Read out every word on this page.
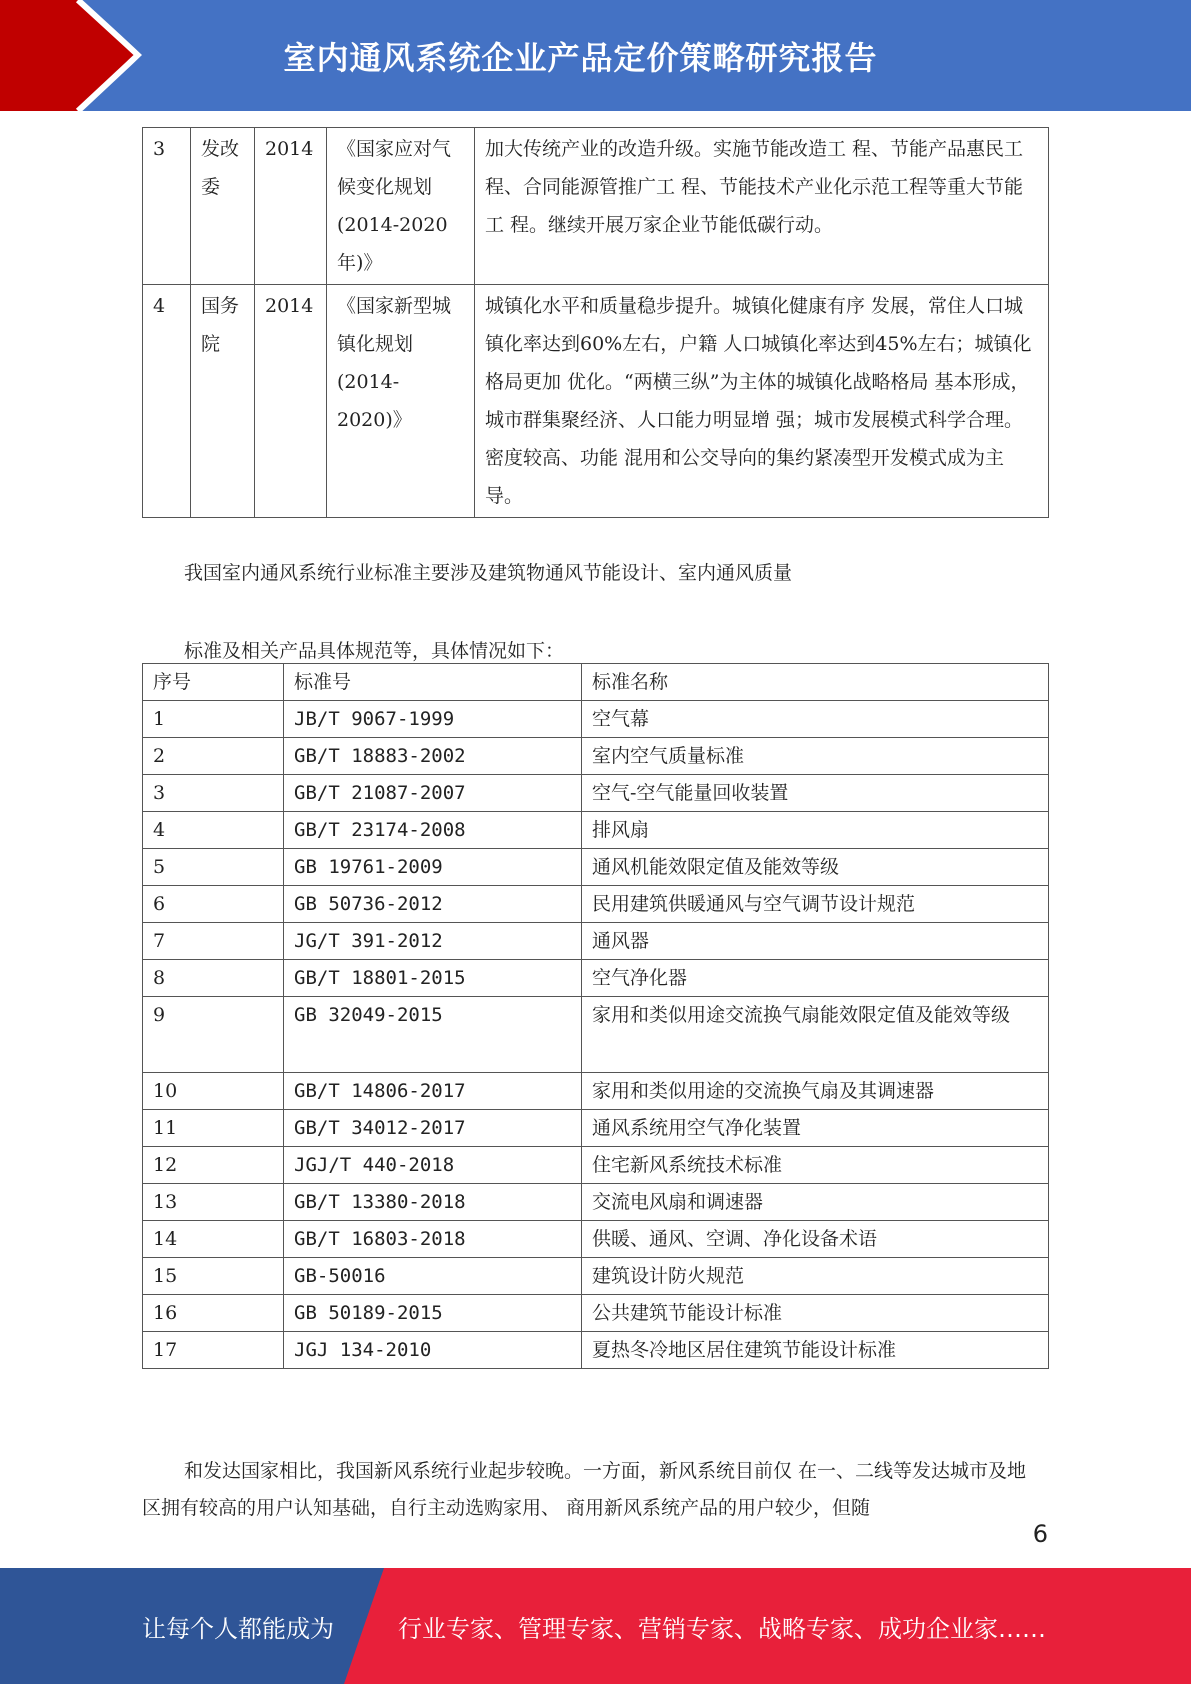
室内通风系统企业产品定价策略研究报告
3	发改委	2014	《国家应对气候变化规划(2014-2020年)》	加大传统产业的改造升级。实施节能改造工 程、节能产品惠民工程、合同能源管推广工 程、节能技术产业化示范工程等重大节能工 程。继续开展万家企业节能低碳行动。
4	国务院	2014	《国家新型城镇化规划(2014-2020)》	城镇化水平和质量稳步提升。城镇化健康有序 发展，常住人口城镇化率达到60%左右，户籍 人口城镇化率达到45%左右；城镇化格局更加 优化。“两横三纵”为主体的城镇化战略格局 基本形成，城市群集聚经济、人口能力明显增 强；城市发展模式科学合理。密度较高、功能 混用和公交导向的集约紧凑型开发模式成为主 导。
我国室内通风系统行业标准主要涉及建筑物通风节能设计、室内通风质量
标准及相关产品具体规范等，具体情况如下：
序号	标准号	标准名称
1	JB/T 9067-1999	空气幕
2	GB/T 18883-2002	室内空气质量标准
3	GB/T 21087-2007	空气-空气能量回收装置
4	GB/T 23174-2008	排风扇
5	GB 19761-2009	通风机能效限定值及能效等级
6	GB 50736-2012	民用建筑供暖通风与空气调节设计规范
7	JG/T 391-2012	通风器
8	GB/T 18801-2015	空气净化器
9	GB 32049-2015	家用和类似用途交流换气扇能效限定值及能效等级
10	GB/T 14806-2017	家用和类似用途的交流换气扇及其调速器
11	GB/T 34012-2017	通风系统用空气净化装置
12	JGJ/T 440-2018	住宅新风系统技术标准
13	GB/T 13380-2018	交流电风扇和调速器
14	GB/T 16803-2018	供暖、通风、空调、净化设备术语
15	GB-50016	建筑设计防火规范
16	GB 50189-2015	公共建筑节能设计标准
17	JGJ 134-2010	夏热冬冷地区居住建筑节能设计标准
和发达国家相比，我国新风系统行业起步较晚。一方面，新风系统目前仅 在一、二线等发达城市及地区拥有较高的用户认知基础，自行主动选购家用、 商用新风系统产品的用户较少，但随
6
让每个人都能成为	行业专家、管理专家、营销专家、战略专家、成功企业家……
